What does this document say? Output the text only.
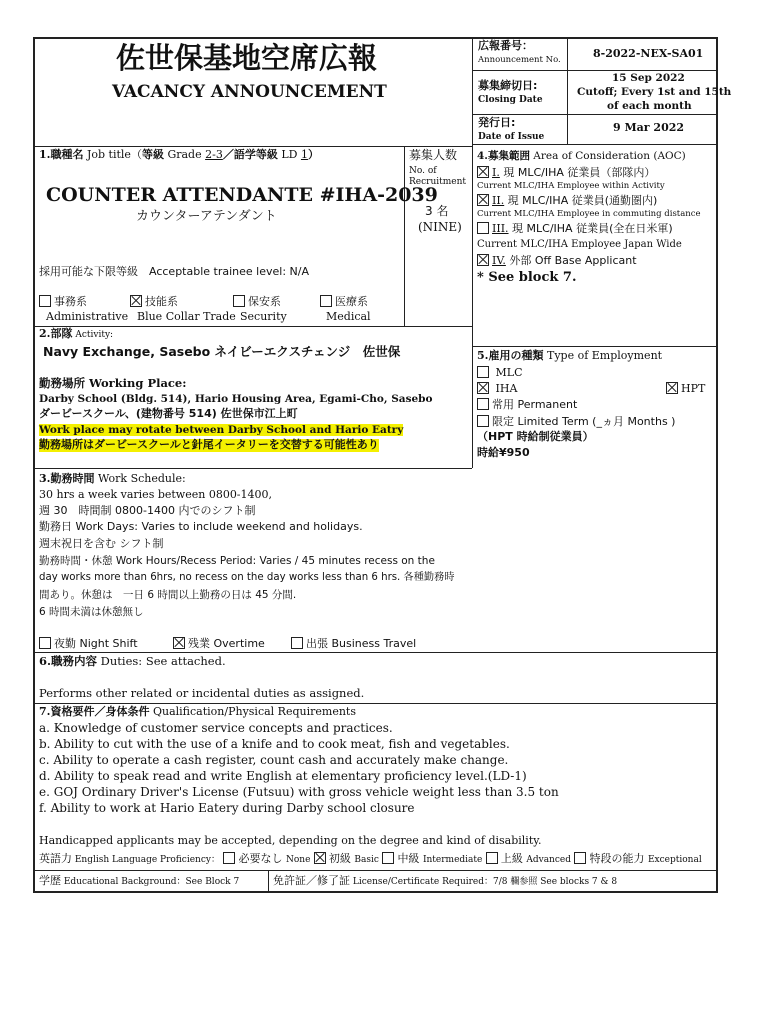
佐世保基地空席広報
VACANCY ANNOUNCEMENT
広報番号：
Announcement No.	8-2022-NEX-SA01
募集締切日:
Closing Date
15 Sep 2022
Cutoff; Every 1st and 15th
of each month
発行日:
Date of Issue
9 Mar 2022
1.職種名 Job title（等級 Grade 2-3／語学等級 LD 1）
COUNTER ATTENDANTE #IHA-2039
カウンターアテンダント
採用可能な下限等級　Acceptable trainee level: N/A
事務系
Administrative
技能系
Blue Collar Trade
保安系
Security
医療系
Medical
募集人数
No. of
Recruitment
3 名
(NINE)
4.募集範囲 Area of Consideration (AOC)
I. 現 MLC/IHA 従業員（部隊内）
Current MLC/IHA Employee within Activity
II. 現 MLC/IHA 従業員(通勤圏内)
Current MLC/IHA Employee in commuting distance
III. 現 MLC/IHA 従業員(全在日米軍)
Current MLC/IHA Employee Japan Wide
IV. 外部 Off Base Applicant
* See block 7.
2.部隊 Activity:
Navy Exchange, Sasebo ネイビーエクスチェンジ　佐世保
勤務場所 Working Place:
Darby School (Bldg. 514), Hario Housing Area, Egami-Cho, Sasebo
ダービースクール、(建物番号 514) 佐世保市江上町
Work place may rotate between Darby School and Hario Eatry
勤務場所はダービースクールと針尾イータリーを交替する可能性あり
5.雇用の種類 Type of Employment
MLC
IHA	HPT
常用 Permanent
限定 Limited Term (_ヵ月 Months )
（HPT 時給制従業員）
時給¥950
3.勤務時間 Work Schedule:
30 hrs a week varies between 0800-1400,
週 30　時間制 0800-1400 内でのシフト制
勤務日 Work Days: Varies to include weekend and holidays.
週末祝日を含む シフト制
勤務時間・休憩 Work Hours/Recess Period: Varies / 45 minutes recess on the
day works more than 6hrs, no recess on the day works less than 6 hrs. 各種勤務時
間あり。休憩は　一日 6 時間以上勤務の日は 45 分間.
6 時間未満は休憩無し
夜勤 Night Shift	残業 Overtime	出張 Business Travel
6.職務内容 Duties: See attached.
Performs other related or incidental duties as assigned.
7.資格要件／身体条件 Qualification/Physical Requirements
a. Knowledge of customer service concepts and practices.
b. Ability to cut with the use of a knife and to cook meat, fish and vegetables.
c. Ability to operate a cash register, count cash and accurately make change.
d. Ability to speak read and write English at elementary proficiency level.(LD-1)
e. GOJ Ordinary Driver's License (Futsuu) with gross vehicle weight less than 3.5 ton
f. Ability to work at Hario Eatery during Darby school closure
Handicapped applicants may be accepted, depending on the degree and kind of disability.
英語力 English Language Proficiency： 必要なし None 初級 Basic 中級 Intermediate 上級 Advanced 特段の能力 Exceptional
学歴 Educational Background：See Block 7	免許証／修了証 License/Certificate Required：7/8 欄参照 See blocks 7 & 8
